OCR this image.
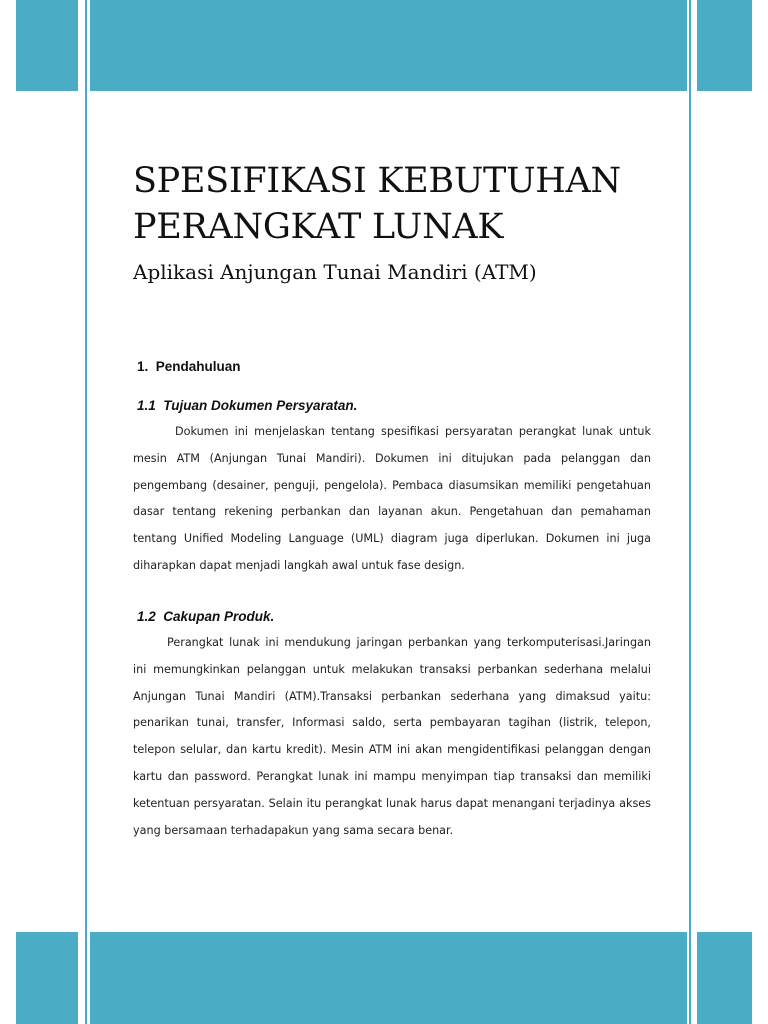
SPESIFIKASI KEBUTUHAN
PERANGKAT LUNAK
Aplikasi Anjungan Tunai Mandiri (ATM)
1.  Pendahuluan
1.1  Tujuan Dokumen Persyaratan.

Dokumen ini menjelaskan tentang spesifikasi persyaratan perangkat lunak untuk mesin ATM (Anjungan Tunai Mandiri). Dokumen ini ditujukan pada pelanggan dan pengembang (desainer, penguji, pengelola). Pembaca diasumsikan memiliki pengetahuan dasar tentang rekening perbankan dan layanan akun. Pengetahuan dan pemahaman tentang Unified Modeling Language (UML) diagram juga diperlukan. Dokumen ini juga diharapkan dapat menjadi langkah awal untuk fase design.

1.2  Cakupan Produk.

Perangkat lunak ini mendukung jaringan perbankan yang terkomputerisasi.Jaringan ini memungkinkan pelanggan untuk melakukan transaksi perbankan sederhana melalui Anjungan Tunai Mandiri (ATM).Transaksi perbankan sederhana yang dimaksud yaitu: penarikan tunai, transfer, Informasi saldo, serta pembayaran tagihan (listrik, telepon, telepon selular, dan kartu kredit). Mesin ATM ini akan mengidentifikasi pelanggan dengan kartu dan password. Perangkat lunak ini mampu menyimpan tiap transaksi dan memiliki ketentuan persyaratan. Selain itu perangkat lunak harus dapat menangani terjadinya akses yang bersamaan terhadapakun yang sama secara benar.
